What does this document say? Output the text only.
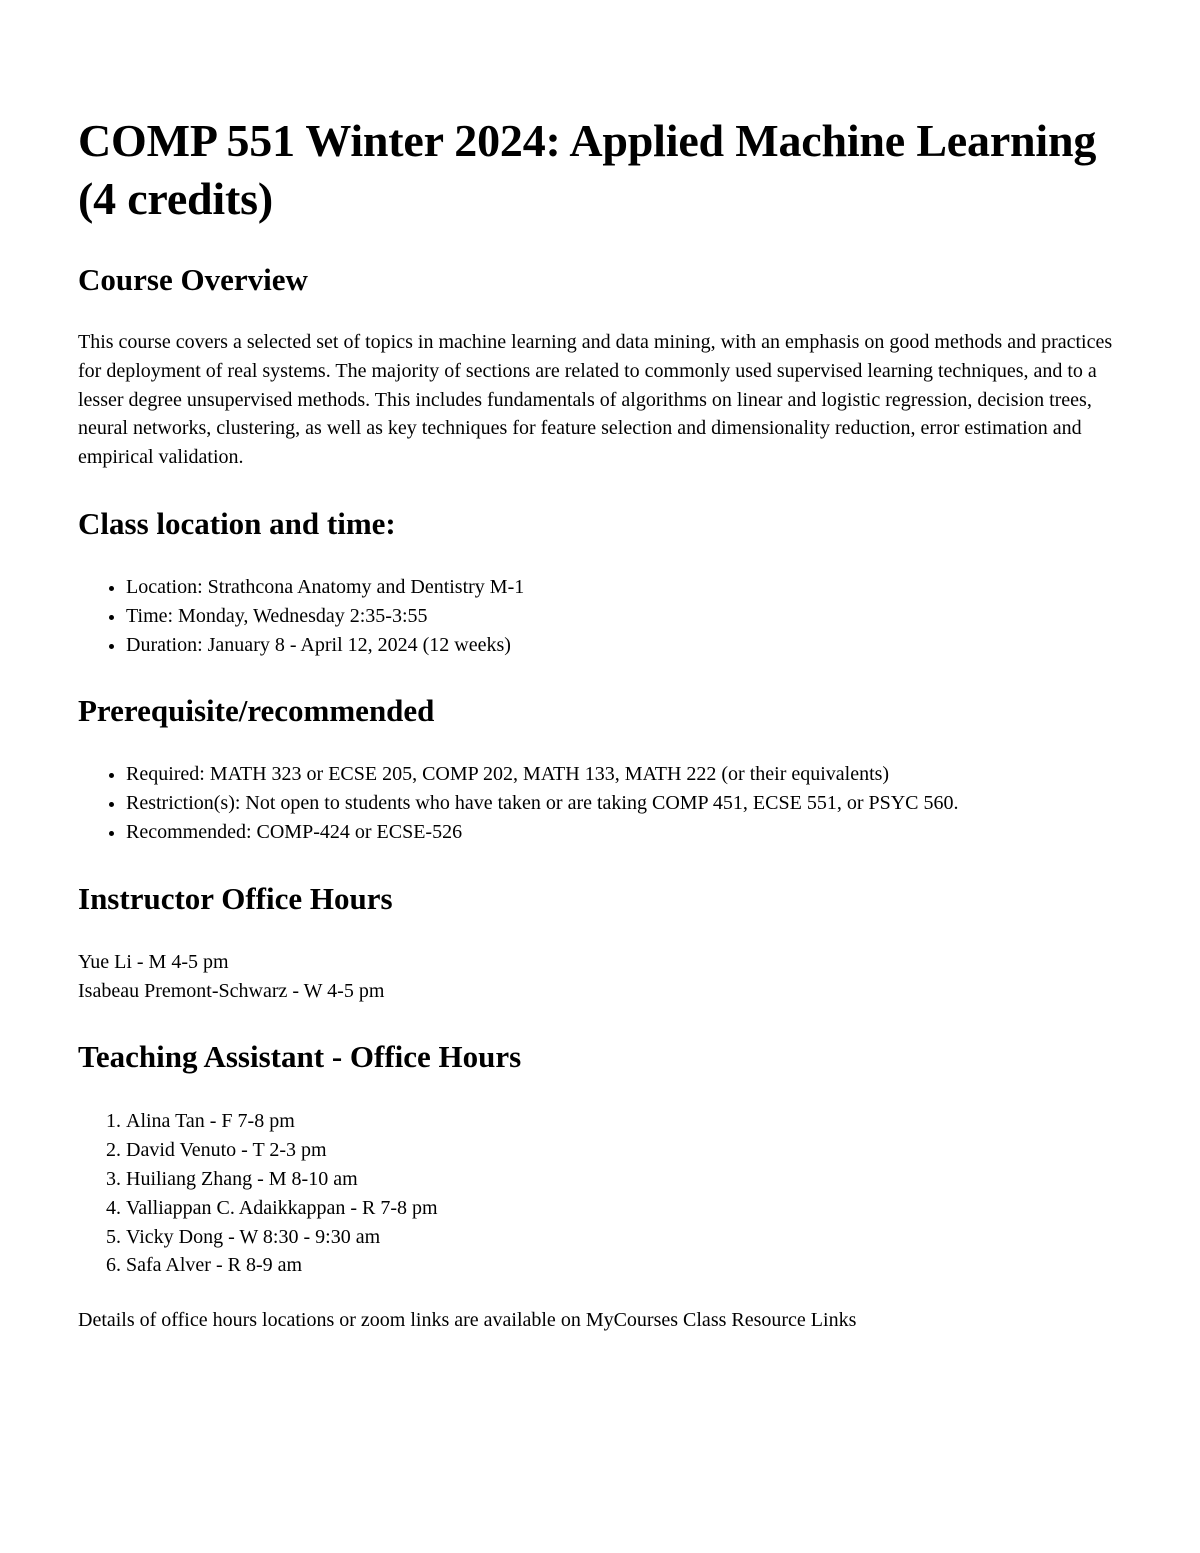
COMP 551 Winter 2024: Applied Machine Learning (4 credits)
Course Overview

This course covers a selected set of topics in machine learning and data mining, with an emphasis on good methods and practices for deployment of real systems. The majority of sections are related to commonly used supervised learning techniques, and to a lesser degree unsupervised methods. This includes fundamentals of algorithms on linear and logistic regression, decision trees, neural networks, clustering, as well as key techniques for feature selection and dimensionality reduction, error estimation and empirical validation.

Class location and time:
• Location: Strathcona Anatomy and Dentistry M-1
• Time: Monday, Wednesday 2:35-3:55
• Duration: January 8 - April 12, 2024 (12 weeks)
Prerequisite/recommended
• Required: MATH 323 or ECSE 205, COMP 202, MATH 133, MATH 222 (or their equivalents)
• Restriction(s): Not open to students who have taken or are taking COMP 451, ECSE 551, or PSYC 560.
• Recommended: COMP-424 or ECSE-526
Instructor Office Hours

Yue Li - M 4-5 pm
Isabeau Premont-Schwarz - W 4-5 pm

Teaching Assistant - Office Hours
1. Alina Tan - F 7-8 pm
2. David Venuto - T 2-3 pm
3. Huiliang Zhang - M 8-10 am
4. Valliappan C. Adaikkappan - R 7-8 pm
5. Vicky Dong - W 8:30 - 9:30 am
6. Safa Alver - R 8-9 am

Details of office hours locations or zoom links are available on MyCourses Class Resource Links
